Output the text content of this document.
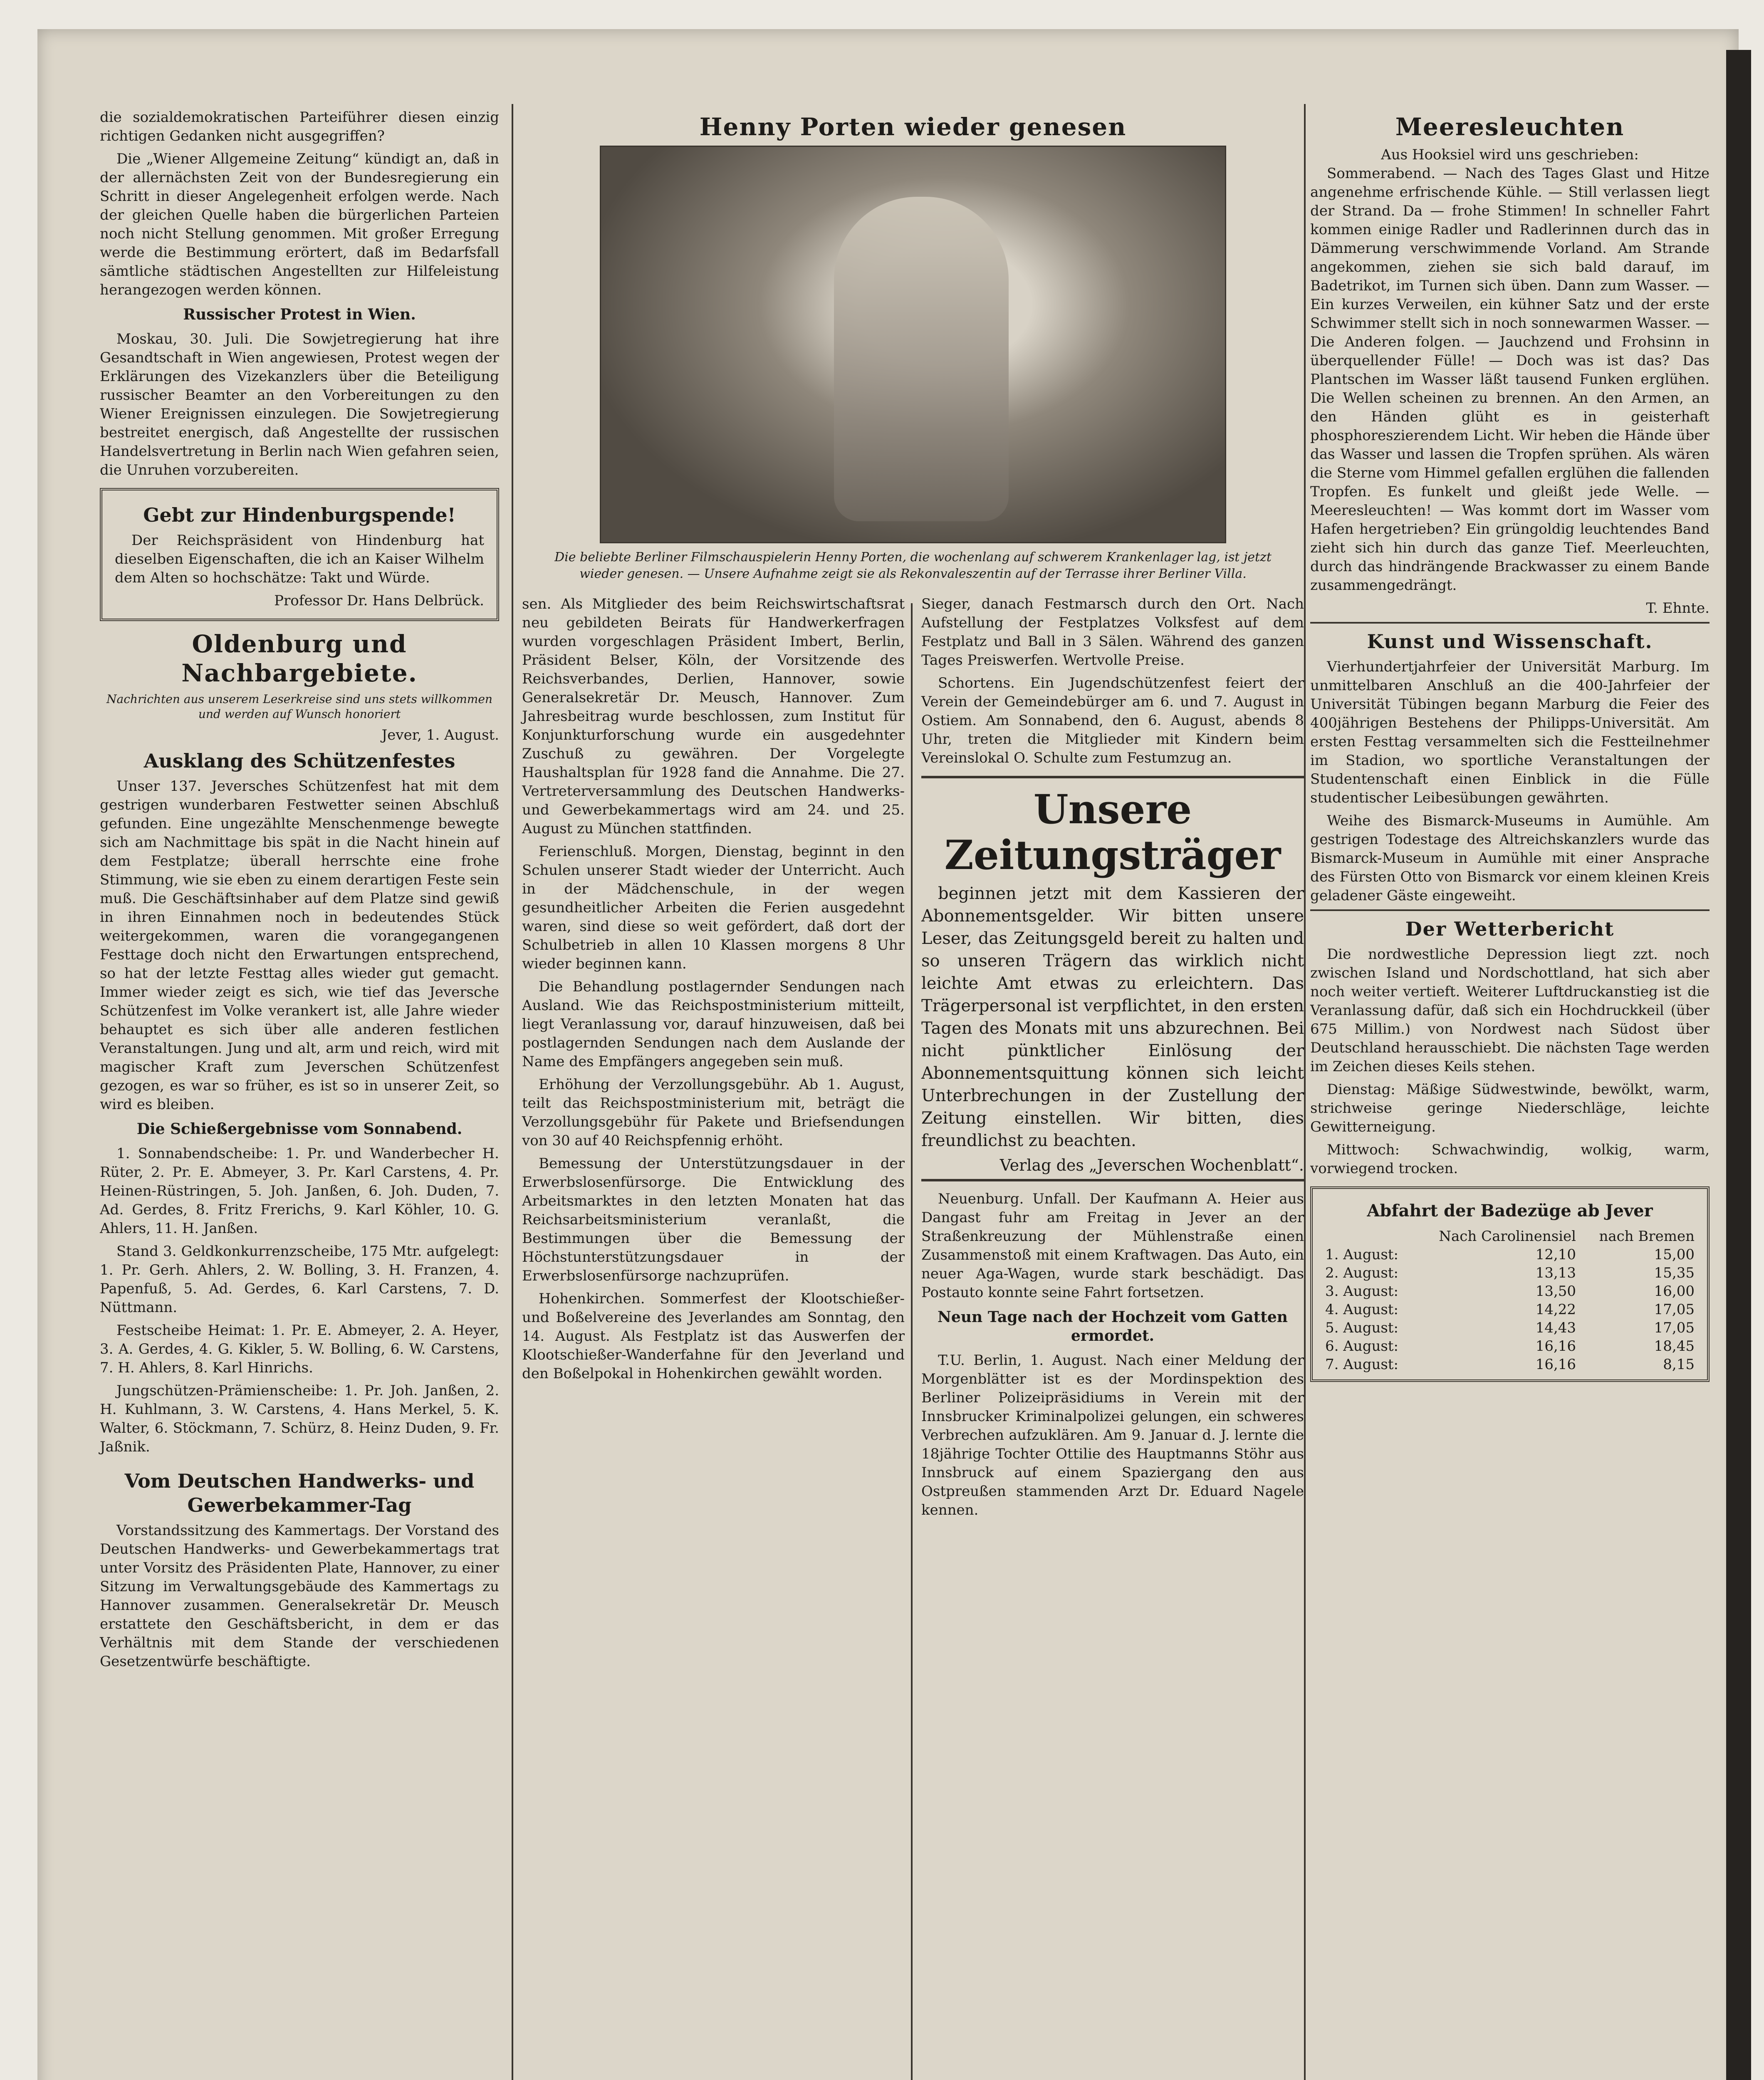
die sozialdemokratischen Parteiführer diesen einzig richtigen Gedanken nicht ausgegriffen?

Die „Wiener Allgemeine Zeitung“ kündigt an, daß in der allernächsten Zeit von der Bundesregierung ein Schritt in dieser Angelegenheit erfolgen werde. Nach der gleichen Quelle haben die bürgerlichen Parteien noch nicht Stellung genommen. Mit großer Erregung werde die Bestimmung erörtert, daß im Bedarfsfall sämtliche städtischen Angestellten zur Hilfeleistung herangezogen werden können.

Russischer Protest in Wien.

Moskau, 30. Juli. Die Sowjetregierung hat ihre Gesandtschaft in Wien angewiesen, Protest wegen der Erklärungen des Vizekanzlers über die Beteiligung russischer Beamter an den Vorbereitungen zu den Wiener Ereignissen einzulegen. Die Sowjetregierung bestreitet energisch, daß Angestellte der russischen Handelsvertretung in Berlin nach Wien gefahren seien, die Unruhen vorzubereiten.

Gebt zur Hindenburgspende!

Der Reichspräsident von Hindenburg hat dieselben Eigenschaften, die ich an Kaiser Wilhelm dem Alten so hochschätze: Takt und Würde.

Professor Dr. Hans Delbrück.
Oldenburg und Nachbargebiete.
Nachrichten aus unserem Leserkreise sind uns stets willkommen und werden auf Wunsch honoriert
Jever, 1. August.
Ausklang des Schützenfestes

Unser 137. Jeversches Schützenfest hat mit dem gestrigen wunderbaren Festwetter seinen Abschluß gefunden. Eine ungezählte Menschenmenge bewegte sich am Nachmittage bis spät in die Nacht hinein auf dem Festplatze; überall herrschte eine frohe Stimmung, wie sie eben zu einem derartigen Feste sein muß. Die Geschäftsinhaber auf dem Platze sind gewiß in ihren Einnahmen noch in bedeutendes Stück weitergekommen, waren die vorangegangenen Festtage doch nicht den Erwartungen entsprechend, so hat der letzte Festtag alles wieder gut gemacht. Immer wieder zeigt es sich, wie tief das Jeversche Schützenfest im Volke verankert ist, alle Jahre wieder behauptet es sich über alle anderen festlichen Veranstaltungen. Jung und alt, arm und reich, wird mit magischer Kraft zum Jeverschen Schützenfest gezogen, es war so früher, es ist so in unserer Zeit, so wird es bleiben.

Die Schießergebnisse vom Sonnabend.

1. Sonnabendscheibe: 1. Pr. und Wanderbecher H. Rüter, 2. Pr. E. Abmeyer, 3. Pr. Karl Carstens, 4. Pr. Heinen-Rüstringen, 5. Joh. Janßen, 6. Joh. Duden, 7. Ad. Gerdes, 8. Fritz Frerichs, 9. Karl Köhler, 10. G. Ahlers, 11. H. Janßen.

Stand 3. Geldkonkurrenzscheibe, 175 Mtr. aufgelegt: 1. Pr. Gerh. Ahlers, 2. W. Bolling, 3. H. Franzen, 4. Papenfuß, 5. Ad. Gerdes, 6. Karl Carstens, 7. D. Nüttmann.

Festscheibe Heimat: 1. Pr. E. Abmeyer, 2. A. Heyer, 3. A. Gerdes, 4. G. Kikler, 5. W. Bolling, 6. W. Carstens, 7. H. Ahlers, 8. Karl Hinrichs.

Jungschützen-Prämienscheibe: 1. Pr. Joh. Janßen, 2. H. Kuhlmann, 3. W. Carstens, 4. Hans Merkel, 5. K. Walter, 6. Stöckmann, 7. Schürz, 8. Heinz Duden, 9. Fr. Jaßnik.

Vom Deutschen Handwerks- und Gewerbekammer-Tag

Vorstandssitzung des Kammertags. Der Vorstand des Deutschen Handwerks- und Gewerbekammertags trat unter Vorsitz des Präsidenten Plate, Hannover, zu einer Sitzung im Verwaltungsgebäude des Kammertags zu Hannover zusammen. Generalsekretär Dr. Meusch erstattete den Geschäftsbericht, in dem er das Verhältnis mit dem Stande der verschiedenen Gesetzentwürfe beschäftigte.

Henny Porten wieder genesen
Die beliebte Berliner Filmschauspielerin Henny Porten, die wochenlang auf schwerem Krankenlager lag, ist jetzt wieder genesen. — Unsere Aufnahme zeigt sie als Rekonvaleszentin auf der Terrasse ihrer Berliner Villa.

sen. Als Mitglieder des beim Reichswirtschaftsrat neu gebildeten Beirats für Handwerkerfragen wurden vorgeschlagen Präsident Imbert, Berlin, Präsident Belser, Köln, der Vorsitzende des Reichsverbandes, Derlien, Hannover, sowie Generalsekretär Dr. Meusch, Hannover. Zum Jahresbeitrag wurde beschlossen, zum Institut für Konjunkturforschung wurde ein ausgedehnter Zuschuß zu gewähren. Der Vorgelegte Haushaltsplan für 1928 fand die Annahme. Die 27. Vertreterversammlung des Deutschen Handwerks- und Gewerbekammertags wird am 24. und 25. August zu München stattfinden.

Ferienschluß. Morgen, Dienstag, beginnt in den Schulen unserer Stadt wieder der Unterricht. Auch in der Mädchenschule, in der wegen gesundheitlicher Arbeiten die Ferien ausgedehnt waren, sind diese so weit gefördert, daß dort der Schulbetrieb in allen 10 Klassen morgens 8 Uhr wieder beginnen kann.

Die Behandlung postlagernder Sendungen nach Ausland. Wie das Reichspostministerium mitteilt, liegt Veranlassung vor, darauf hinzuweisen, daß bei postlagernden Sendungen nach dem Auslande der Name des Empfängers angegeben sein muß.

Erhöhung der Verzollungsgebühr. Ab 1. August, teilt das Reichspostministerium mit, beträgt die Verzollungsgebühr für Pakete und Briefsendungen von 30 auf 40 Reichspfennig erhöht.

Bemessung der Unterstützungsdauer in der Erwerbslosenfürsorge. Die Entwicklung des Arbeitsmarktes in den letzten Monaten hat das Reichsarbeitsministerium veranlaßt, die Bestimmungen über die Bemessung der Höchstunterstützungsdauer in der Erwerbslosenfürsorge nachzuprüfen.

Hohenkirchen. Sommerfest der Klootschießer- und Boßelvereine des Jeverlandes am Sonntag, den 14. August. Als Festplatz ist das Auswerfen der Klootschießer-Wanderfahne für den Jeverland und den Boßelpokal in Hohenkirchen gewählt worden.

Sieger, danach Festmarsch durch den Ort. Nach Aufstellung der Festplatzes Volksfest auf dem Festplatz und Ball in 3 Sälen. Während des ganzen Tages Preiswerfen. Wertvolle Preise.

Schortens. Ein Jugendschützenfest feiert der Verein der Gemeindebürger am 6. und 7. August in Ostiem. Am Sonnabend, den 6. August, abends 8 Uhr, treten die Mitglieder mit Kindern beim Vereinslokal O. Schulte zum Festumzug an.

Unsere Zeitungsträger

beginnen jetzt mit dem Kassieren der Abonnementsgelder. Wir bitten unsere Leser, das Zeitungsgeld bereit zu halten und so unseren Trägern das wirklich nicht leichte Amt etwas zu erleichtern. Das Trägerpersonal ist verpflichtet, in den ersten Tagen des Monats mit uns abzurechnen. Bei nicht pünktlicher Einlösung der Abonnementsquittung können sich leicht Unterbrechungen in der Zustellung der Zeitung einstellen. Wir bitten, dies freundlichst zu beachten.

Verlag des „Jeverschen Wochenblatt“.

Neuenburg. Unfall. Der Kaufmann A. Heier aus Dangast fuhr am Freitag in Jever an der Straßenkreuzung der Mühlenstraße einen Zusammenstoß mit einem Kraftwagen. Das Auto, ein neuer Aga-Wagen, wurde stark beschädigt. Das Postauto konnte seine Fahrt fortsetzen.

Neun Tage nach der Hochzeit vom Gatten ermordet.

T.U. Berlin, 1. August. Nach einer Meldung der Morgenblätter ist es der Mordinspektion des Berliner Polizeipräsidiums in Verein mit der Innsbrucker Kriminalpolizei gelungen, ein schweres Verbrechen aufzuklären. Am 9. Januar d. J. lernte die 18jährige Tochter Ottilie des Hauptmanns Stöhr aus Innsbruck auf einem Spaziergang den aus Ostpreußen stammenden Arzt Dr. Eduard Nagele kennen.

Meeresleuchten
Aus Hooksiel wird uns geschrieben:

Sommerabend. — Nach des Tages Glast und Hitze angenehme erfrischende Kühle. — Still verlassen liegt der Strand. Da — frohe Stimmen! In schneller Fahrt kommen einige Radler und Radlerinnen durch das in Dämmerung verschwimmende Vorland. Am Strande angekommen, ziehen sie sich bald darauf, im Badetrikot, im Turnen sich üben. Dann zum Wasser. — Ein kurzes Verweilen, ein kühner Satz und der erste Schwimmer stellt sich in noch sonnewarmen Wasser. — Die Anderen folgen. — Jauchzend und Frohsinn in überquellender Fülle! — Doch was ist das? Das Plantschen im Wasser läßt tausend Funken erglühen. Die Wellen scheinen zu brennen. An den Armen, an den Händen glüht es in geisterhaft phosphoreszierendem Licht. Wir heben die Hände über das Wasser und lassen die Tropfen sprühen. Als wären die Sterne vom Himmel gefallen erglühen die fallenden Tropfen. Es funkelt und gleißt jede Welle. — Meeresleuchten! — Was kommt dort im Wasser vom Hafen hergetrieben? Ein grüngoldig leuchtendes Band zieht sich hin durch das ganze Tief. Meerleuchten, durch das hindrängende Brackwasser zu einem Bande zusammengedrängt.

T. Ehnte.
Kunst und Wissenschaft.

Vierhundertjahrfeier der Universität Marburg. Im unmittelbaren Anschluß an die 400-Jahrfeier der Universität Tübingen begann Marburg die Feier des 400jährigen Bestehens der Philipps-Universität. Am ersten Festtag versammelten sich die Festteilnehmer im Stadion, wo sportliche Veranstaltungen der Studentenschaft einen Einblick in die Fülle studentischer Leibesübungen gewährten.

Weihe des Bismarck-Museums in Aumühle. Am gestrigen Todestage des Altreichskanzlers wurde das Bismarck-Museum in Aumühle mit einer Ansprache des Fürsten Otto von Bismarck vor einem kleinen Kreis geladener Gäste eingeweiht.

Der Wetterbericht

Die nordwestliche Depression liegt zzt. noch zwischen Island und Nordschottland, hat sich aber noch weiter vertieft. Weiterer Luftdruckanstieg ist die Veranlassung dafür, daß sich ein Hochdruckkeil (über 675 Millim.) von Nordwest nach Südost über Deutschland herausschiebt. Die nächsten Tage werden im Zeichen dieses Keils stehen.

Dienstag: Mäßige Südwestwinde, bewölkt, warm, strichweise geringe Niederschläge, leichte Gewitterneigung.

Mittwoch: Schwachwindig, wolkig, warm, vorwiegend trocken.

Abfahrt der Badezüge ab Jever
	Nach Carolinensiel	nach Bremen
1. August:	12,10	15,00
2. August:	13,13	15,35
3. August:	13,50	16,00
4. August:	14,22	17,05
5. August:	14,43	17,05
6. August:	16,16	18,45
7. August:	16,16	8,15
